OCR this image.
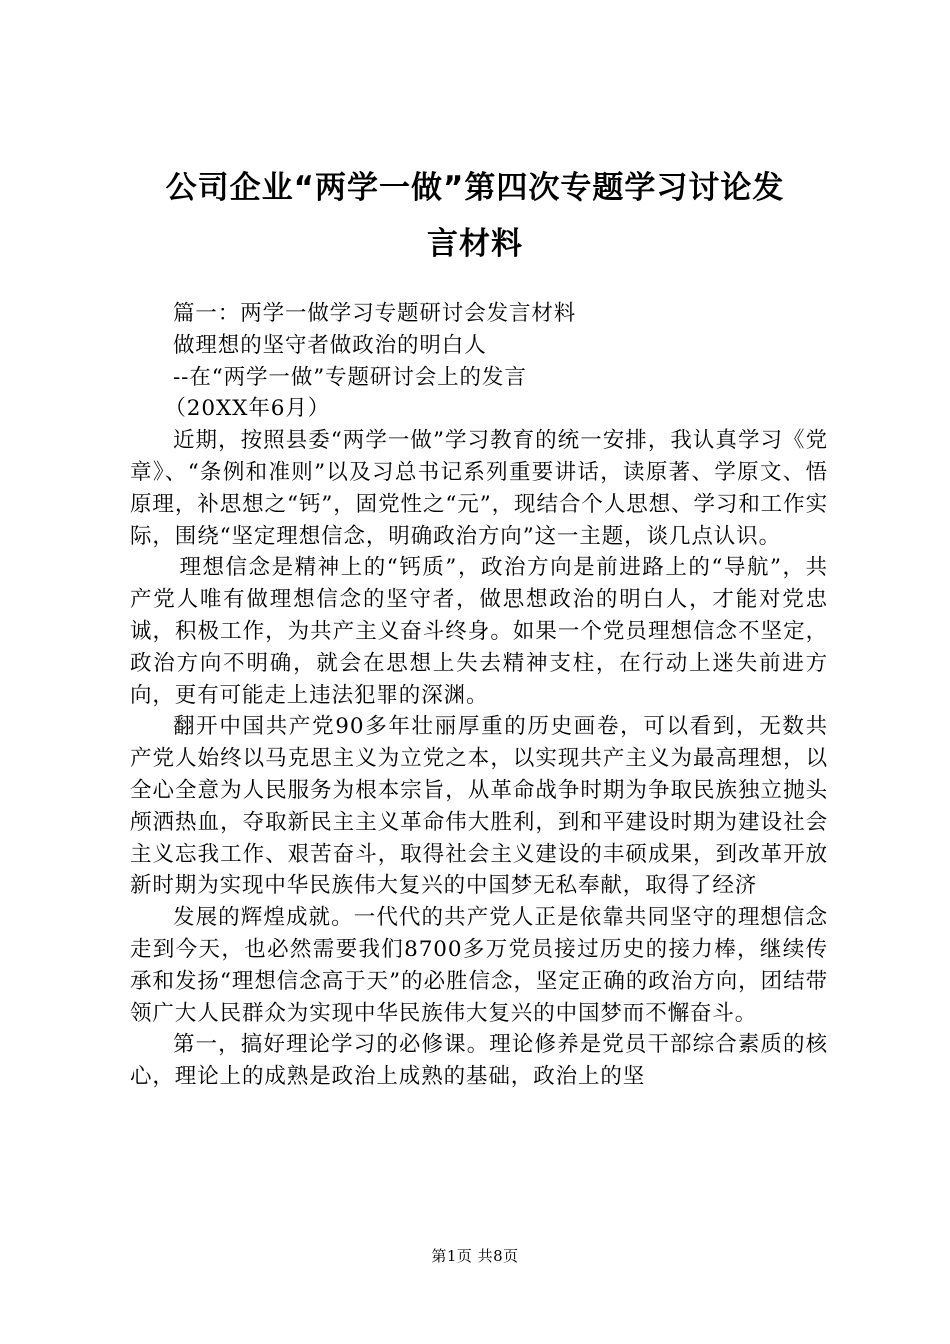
公司企业“两学一做”第四次专题学习讨论发
言材料

篇一：两学一做学习专题研讨会发言材料

做理想的坚守者做政治的明白人

--在“两学一做”专题研讨会上的发言

（20XX年6月）

近期，按照县委“两学一做”学习教育的统一安排，我认真学习《党章》、“条例和准则”以及习总书记系列重要讲话，读原著、学原文、悟原理，补思想之“钙”，固党性之“元”，现结合个人思想、学习和工作实际，围绕“坚定理想信念，明确政治方向”这一主题，谈几点认识。

理想信念是精神上的“钙质”，政治方向是前进路上的“导航”，共产党人唯有做理想信念的坚守者，做思想政治的明白人，才能对党忠诚，积极工作，为共产主义奋斗终身。如果一个党员理想信念不坚定，政治方向不明确，就会在思想上失去精神支柱，在行动上迷失前进方向，更有可能走上违法犯罪的深渊。

翻开中国共产党90多年壮丽厚重的历史画卷，可以看到，无数共产党人始终以马克思主义为立党之本，以实现共产主义为最高理想，以全心全意为人民服务为根本宗旨，从革命战争时期为争取民族独立抛头颅洒热血，夺取新民主主义革命伟大胜利，到和平建设时期为建设社会主义忘我工作、艰苦奋斗，取得社会主义建设的丰硕成果，到改革开放新时期为实现中华民族伟大复兴的中国梦无私奉献，取得了经济

发展的辉煌成就。一代代的共产党人正是依靠共同坚守的理想信念走到今天，也必然需要我们8700多万党员接过历史的接力棒，继续传承和发扬“理想信念高于天”的必胜信念，坚定正确的政治方向，团结带领广大人民群众为实现中华民族伟大复兴的中国梦而不懈奋斗。

第一，搞好理论学习的必修课。理论修养是党员干部综合素质的核心，理论上的成熟是政治上成熟的基础，政治上的坚

第1页 共8页
